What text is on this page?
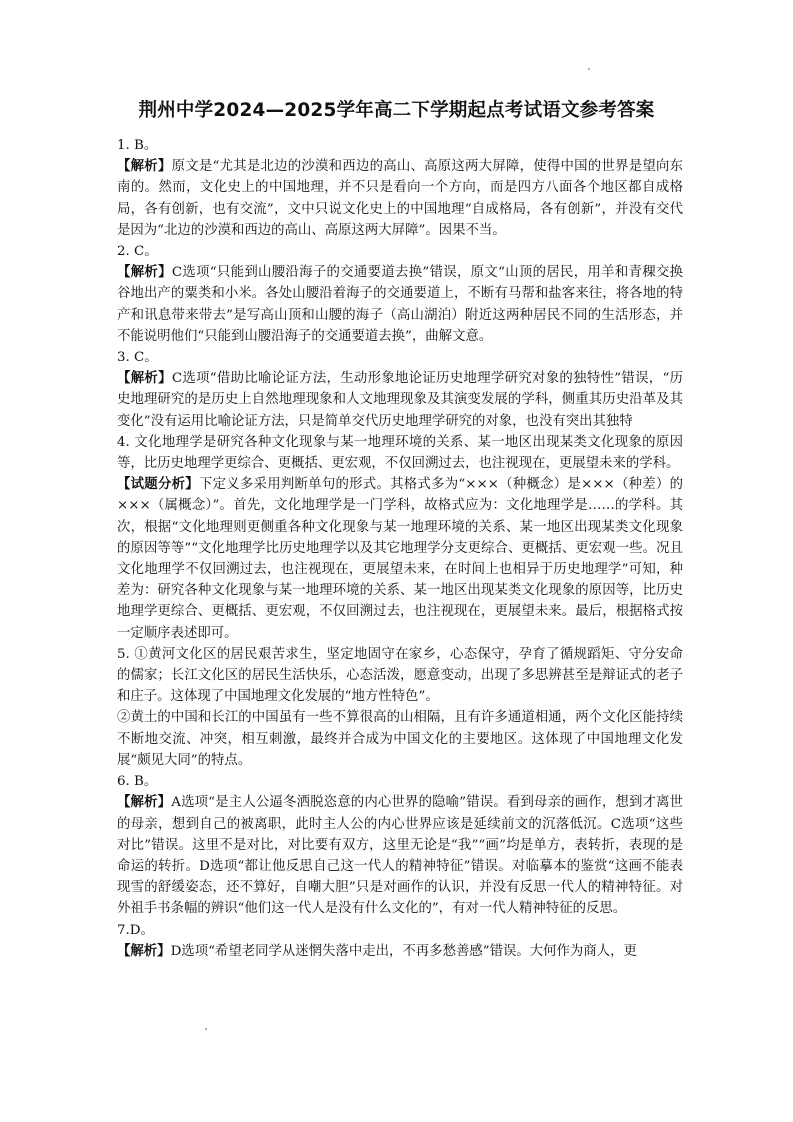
荆州中学2024—2025学年高二下学期起点考试语文参考答案

1. B。

【解析】原文是“尤其是北边的沙漠和西边的高山、高原这两大屏障，使得中国的世界是望向东南的。然而，文化史上的中国地理，并不只是看向一个方向，而是四方八面各个地区都自成格局，各有创新，也有交流”，文中只说文化史上的中国地理“自成格局，各有创新”，并没有交代是因为“北边的沙漠和西边的高山、高原这两大屏障”。因果不当。

2. C。

【解析】C选项“只能到山腰沿海子的交通要道去换”错误，原文“山顶的居民，用羊和青稞交换谷地出产的粟类和小米。各处山腰沿着海子的交通要道上，不断有马帮和盐客来往，将各地的特产和讯息带来带去”是写高山顶和山腰的海子（高山湖泊）附近这两种居民不同的生活形态，并不能说明他们“只能到山腰沿海子的交通要道去换”，曲解文意。

3. C。

【解析】C选项“借助比喻论证方法，生动形象地论证历史地理学研究对象的独特性”错误，“历史地理研究的是历史上自然地理现象和人文地理现象及其演变发展的学科，侧重其历史沿革及其变化”没有运用比喻论证方法，只是简单交代历史地理学研究的对象，也没有突出其独特

4. 文化地理学是研究各种文化现象与某一地理环境的关系、某一地区出现某类文化现象的原因等，比历史地理学更综合、更概括、更宏观，不仅回溯过去，也注视现在，更展望未来的学科。

【试题分析】下定义多采用判断单句的形式。其格式多为“×××（种概念）是×××（种差）的×××（属概念）”。首先，文化地理学是一门学科，故格式应为：文化地理学是……的学科。其次，根据“文化地理则更侧重各种文化现象与某一地理环境的关系、某一地区出现某类文化现象的原因等等”“文化地理学比历史地理学以及其它地理学分支更综合、更概括、更宏观一些。况且文化地理学不仅回溯过去，也注视现在，更展望未来，在时间上也相异于历史地理学”可知，种差为：研究各种文化现象与某一地理环境的关系、某一地区出现某类文化现象的原因等，比历史地理学更综合、更概括、更宏观，不仅回溯过去，也注视现在，更展望未来。最后，根据格式按一定顺序表述即可。

5. ①黄河文化区的居民艰苦求生，坚定地固守在家乡，心态保守，孕育了循规蹈矩、守分安命的儒家；长江文化区的居民生活快乐，心态活泼，愿意变动，出现了多思辨甚至是辩证式的老子和庄子。这体现了中国地理文化发展的“地方性特色”。

②黄土的中国和长江的中国虽有一些不算很高的山相隔，且有许多通道相通，两个文化区能持续不断地交流、冲突，相互刺激，最终并合成为中国文化的主要地区。这体现了中国地理文化发展“颇见大同”的特点。

6. B。

【解析】A选项“是主人公逼冬洒脱恣意的内心世界的隐喻”错误。看到母亲的画作，想到才离世的母亲，想到自己的被离职，此时主人公的内心世界应该是延续前文的沉落低沉。C选项“这些对比”错误。这里不是对比，对比要有双方，这里无论是“我”“画”均是单方，表转折，表现的是命运的转折。D选项“都让他反思自己这一代人的精神特征”错误。对临摹本的鉴赏“这画不能表现雪的舒缓姿态，还不算好，自嘲大胆”只是对画作的认识，并没有反思一代人的精神特征。对外祖手书条幅的辨识“他们这一代人是没有什么文化的”，有对一代人精神特征的反思。

7.D。

【解析】D选项“希望老同学从迷惘失落中走出，不再多愁善感”错误。大何作为商人，更
